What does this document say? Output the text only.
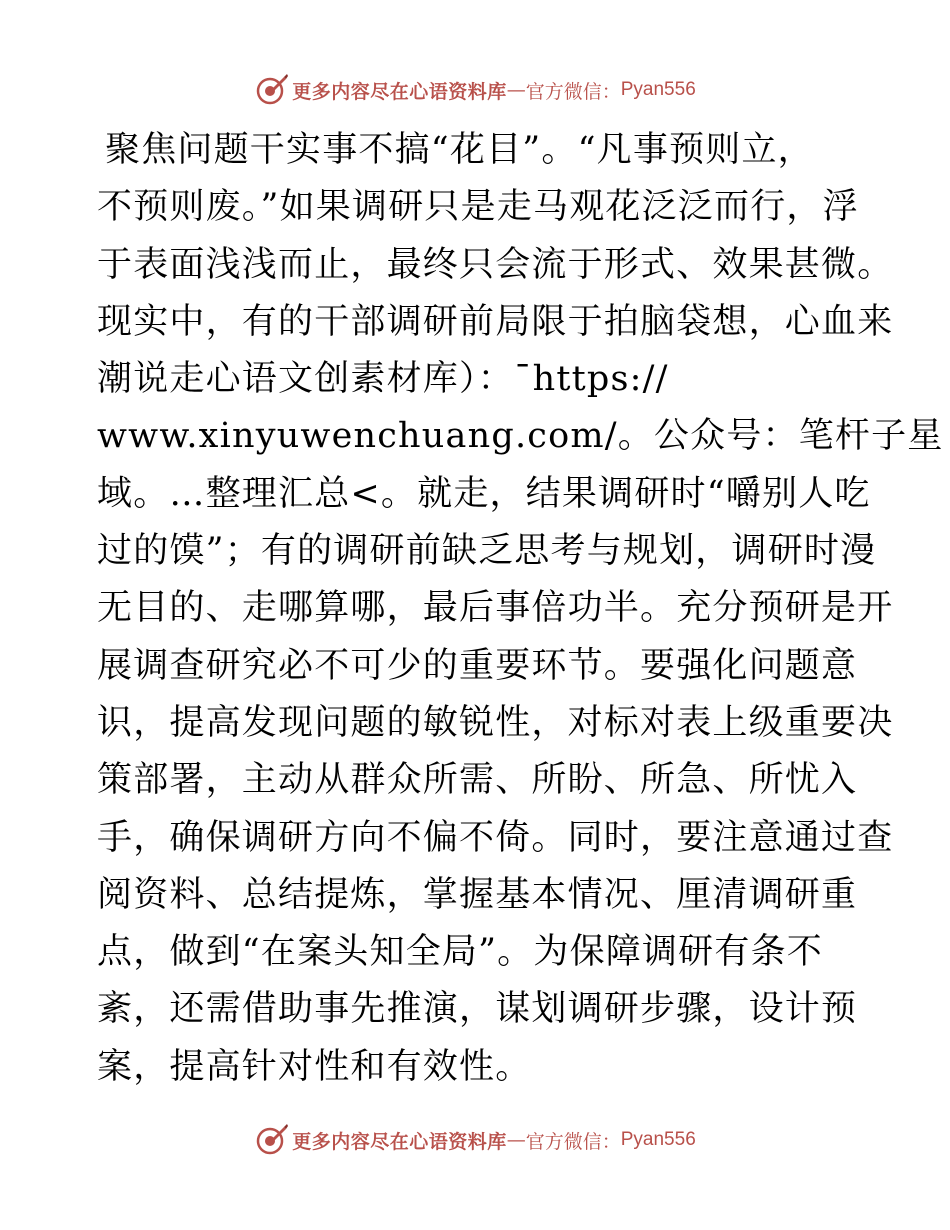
更多内容尽在心语资料库 — 官方微信： Pyan556
聚焦问题干实事不搞“花目”。“凡事预则立，
不预则废。”如果调研只是走马观花泛泛而行，浮
于表面浅浅而止，最终只会流于形式、效果甚微。
现实中，有的干部调研前局限于拍脑袋想，心血来
潮说走心语文创素材库）：¯https://
www.xinyuwenchuang.com/。公众号：笔杆子星
域。…整理汇总<。就走，结果调研时“嚼别人吃
过的馍”；有的调研前缺乏思考与规划，调研时漫
无目的、走哪算哪，最后事倍功半。充分预研是开
展调查研究必不可少的重要环节。要强化问题意
识，提高发现问题的敏锐性，对标对表上级重要决
策部署，主动从群众所需、所盼、所急、所忧入
手，确保调研方向不偏不倚。同时，要注意通过查
阅资料、总结提炼，掌握基本情况、厘清调研重
点，做到“在案头知全局”。为保障调研有条不
紊，还需借助事先推演，谋划调研步骤，设计预
案，提高针对性和有效性。
更多内容尽在心语资料库 — 官方微信： Pyan556
